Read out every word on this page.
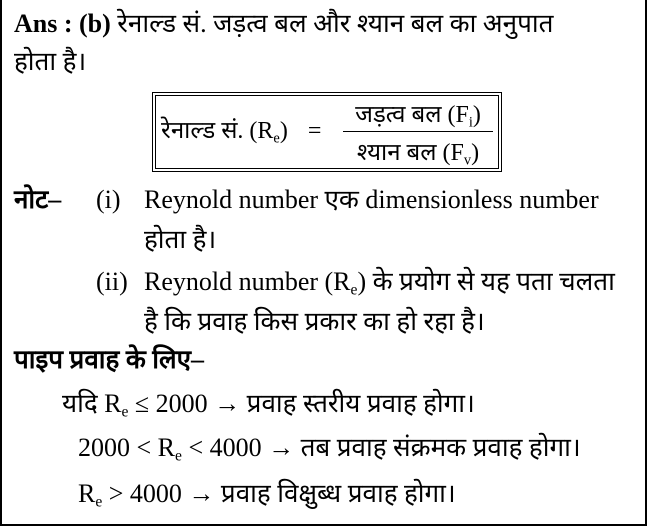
Ans : (b) रेनाल्ड सं. जड़त्व बल और श्यान बल का अनुपात
होता है।
रेनाल्ड सं. $(R_e)$ =
जड़त्व बल $(F_i)$
श्यान बल $(F_v)$
नोट– (i) Reynold number एक dimensionless number
होता है।
(ii) Reynold number $(R_e)$ के प्रयोग से यह पता चलता
है कि प्रवाह किस प्रकार का हो रहा है।
पाइप प्रवाह के लिए–
यदि $R_e \le 2000$ → प्रवाह स्तरीय प्रवाह होगा।
$2000 < R_e < 4000$ → तब प्रवाह संक्रमक प्रवाह होगा।
$R_e > 4000$ → प्रवाह विक्षुब्ध प्रवाह होगा।
